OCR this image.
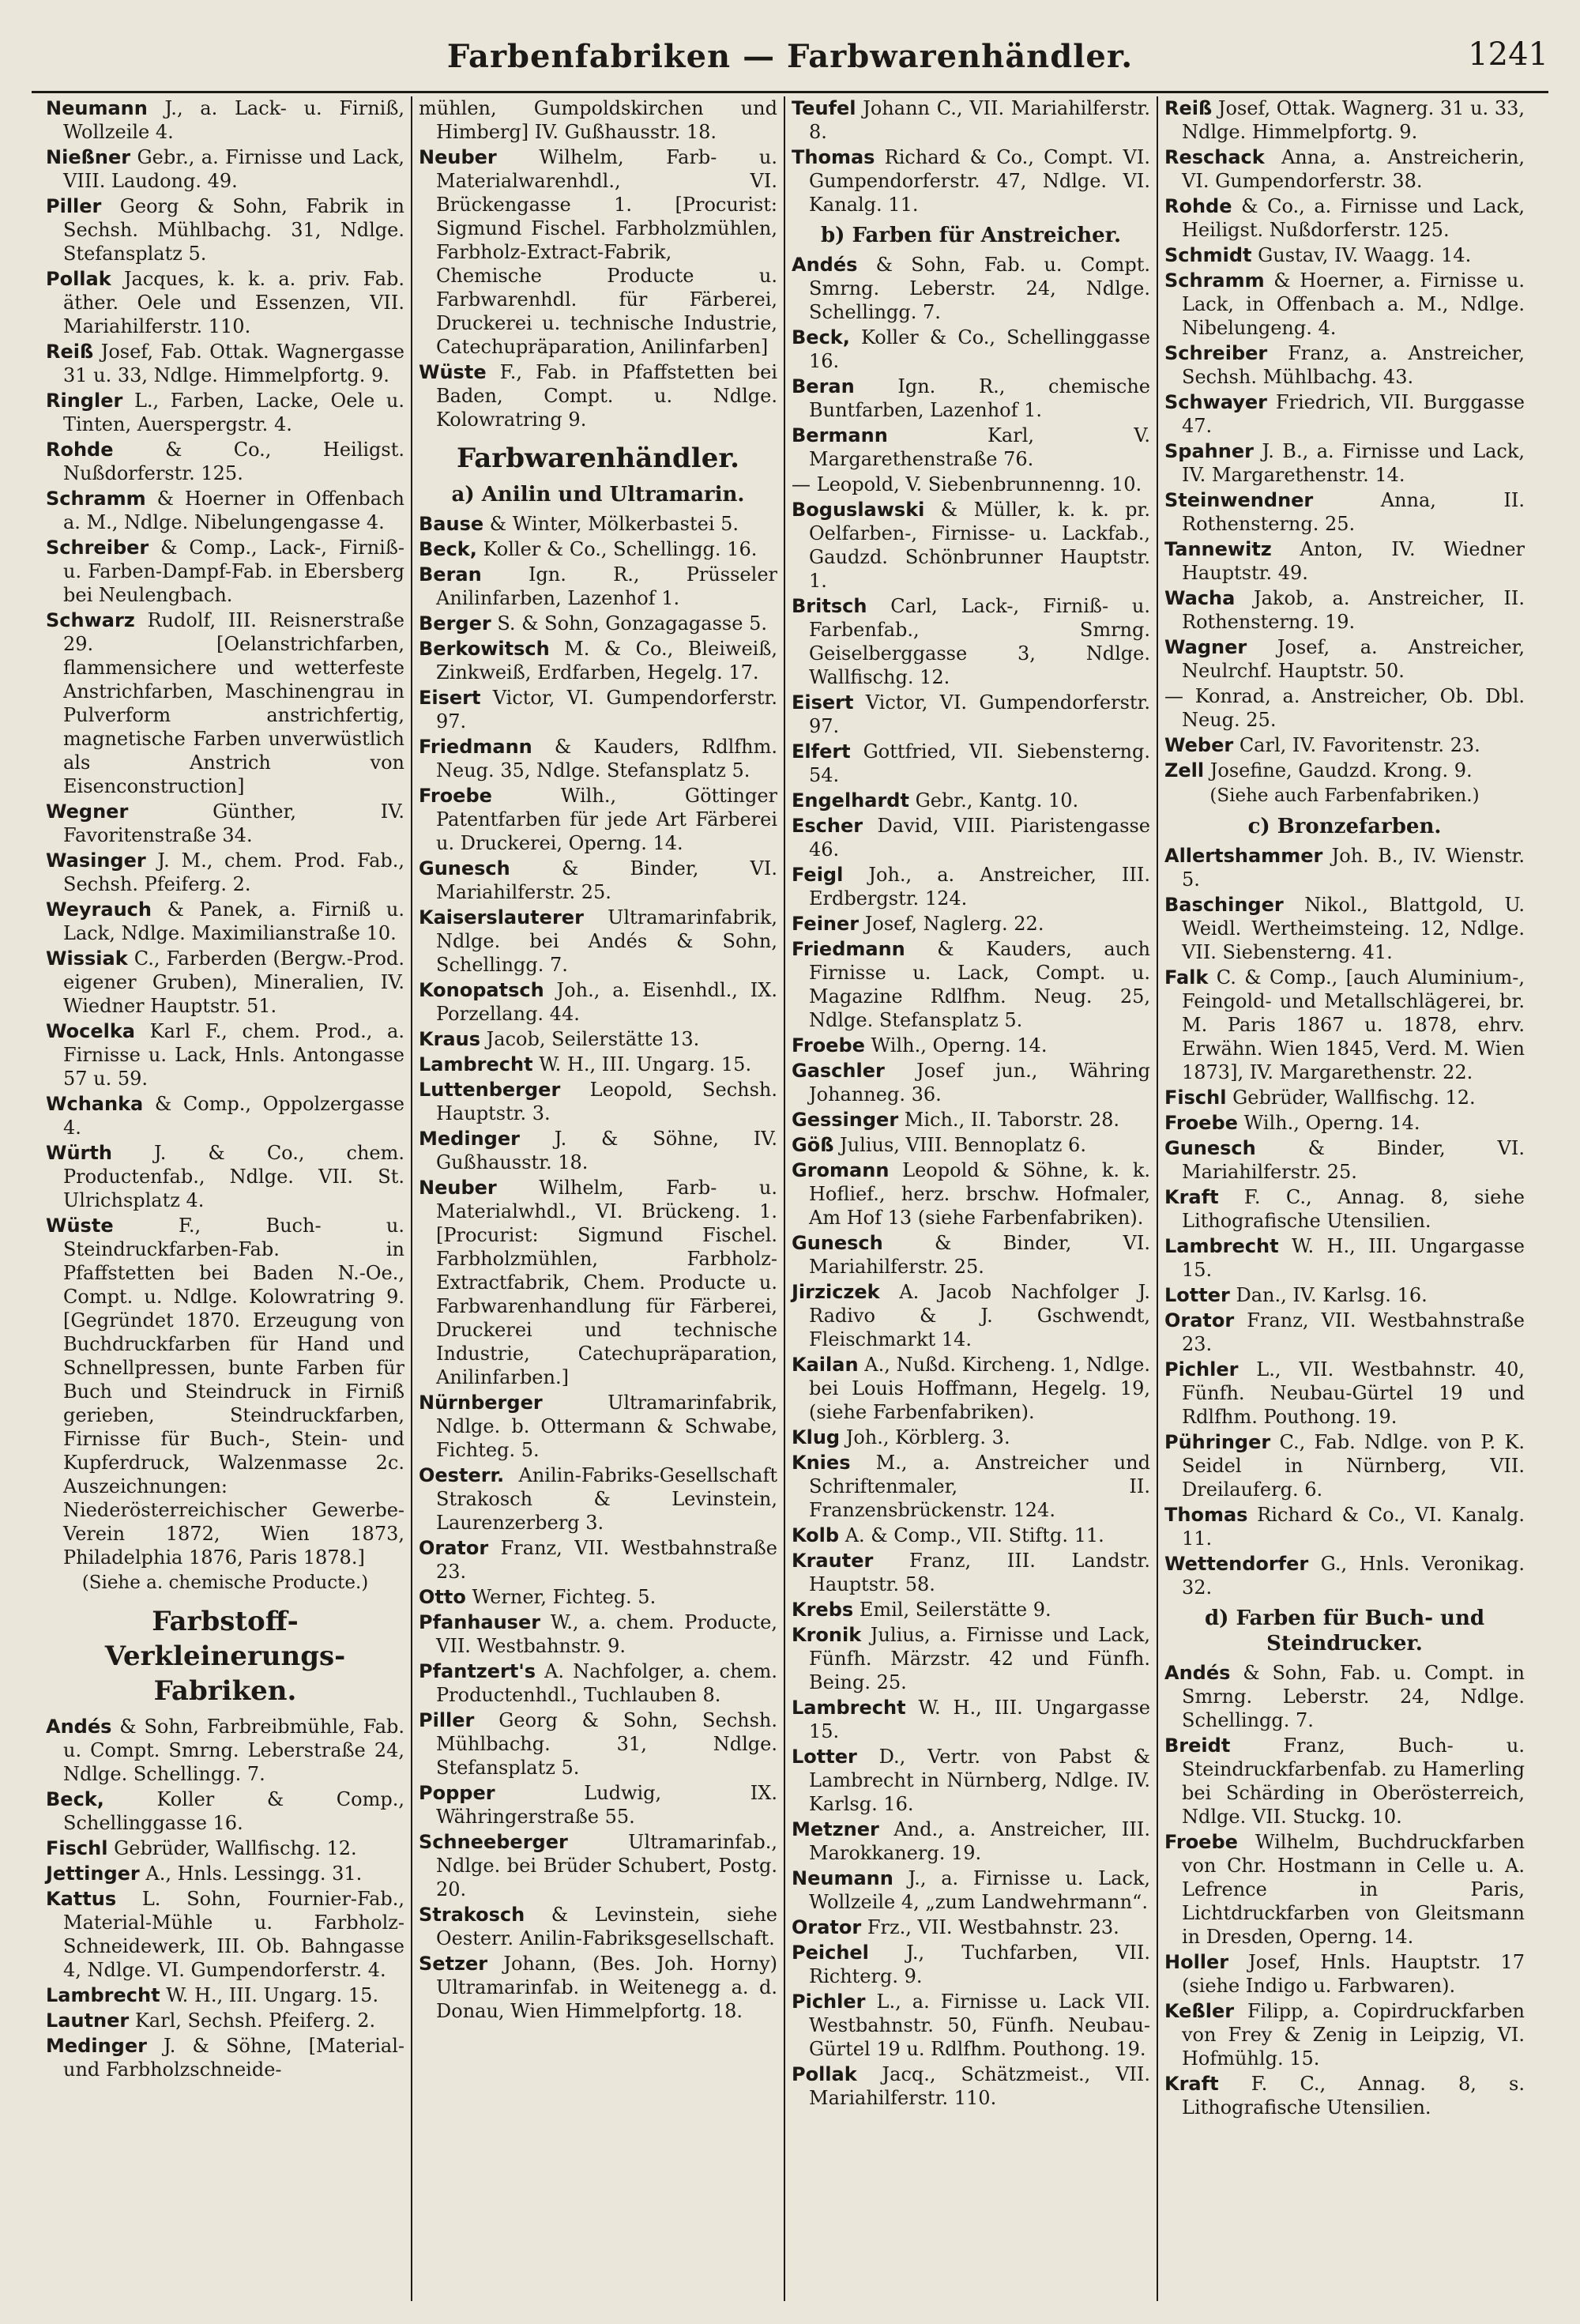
Farbenfabriken — Farbwarenhändler.	1241
Neumann J., a. Lack- u. Firniß, Wollzeile 4.
Nießner Gebr., a. Firnisse und Lack, VIII. Laudong. 49.
Piller Georg & Sohn, Fabrik in Sechsh. Mühlbachg. 31, Ndlge. Stefansplatz 5.
Pollak Jacques, k. k. a. priv. Fab. äther. Oele und Essenzen, VII. Mariahilferstr. 110.
Reiß Josef, Fab. Ottak. Wagnergasse 31 u. 33, Ndlge. Himmelpfortg. 9.
Ringler L., Farben, Lacke, Oele u. Tinten, Auerspergstr. 4.
Rohde & Co., Heiligst. Nußdorferstr. 125.
Schramm & Hoerner in Offenbach a. M., Ndlge. Nibelungengasse 4.
Schreiber & Comp., Lack-, Firniß- u. Farben-Dampf-Fab. in Ebersberg bei Neulengbach.
Schwarz Rudolf, III. Reisnerstraße 29. [Oelanstrichfarben, flammensichere und wetterfeste Anstrichfarben, Maschinengrau in Pulverform anstrichfertig, magnetische Farben unverwüstlich als Anstrich von Eisenconstruction]
Wegner Günther, IV. Favoritenstraße 34.
Wasinger J. M., chem. Prod. Fab., Sechsh. Pfeiferg. 2.
Weyrauch & Panek, a. Firniß u. Lack, Ndlge. Maximilianstraße 10.
Wissiak C., Farberden (Bergw.-Prod. eigener Gruben), Mineralien, IV. Wiedner Hauptstr. 51.
Wocelka Karl F., chem. Prod., a. Firnisse u. Lack, Hnls. Antongasse 57 u. 59.
Wchanka & Comp., Oppolzergasse 4.
Würth J. & Co., chem. Productenfab., Ndlge. VII. St. Ulrichsplatz 4.
Wüste F., Buch- u. Steindruckfarben-Fab. in Pfaffstetten bei Baden N.-Oe., Compt. u. Ndlge. Kolowratring 9. [Gegründet 1870. Erzeugung von Buchdruckfarben für Hand und Schnellpressen, bunte Farben für Buch und Steindruck in Firniß gerieben, Steindruckfarben, Firnisse für Buch-, Stein- und Kupferdruck, Walzenmasse 2c. Auszeichnungen: Niederösterreichischer Gewerbe-Verein 1872, Wien 1873, Philadelphia 1876, Paris 1878.]
(Siehe a. chemische Producte.)
Farbstoff-Verkleinerungs-Fabriken.
Andés & Sohn, Farbreibmühle, Fab. u. Compt. Smrng. Leberstraße 24, Ndlge. Schellingg. 7.
Beck, Koller & Comp., Schellinggasse 16.
Fischl Gebrüder, Wallfischg. 12.
Jettinger A., Hnls. Lessingg. 31.
Kattus L. Sohn, Fournier-Fab., Material-Mühle u. Farbholz-Schneidewerk, III. Ob. Bahngasse 4, Ndlge. VI. Gumpendorferstr. 4.
Lambrecht W. H., III. Ungarg. 15.
Lautner Karl, Sechsh. Pfeiferg. 2.
Medinger J. & Söhne, [Material- und Farbholzschneide-
mühlen, Gumpoldskirchen und Himberg] IV. Gußhausstr. 18.
Neuber Wilhelm, Farb- u. Materialwarenhdl., VI. Brückengasse 1. [Procurist: Sigmund Fischel. Farbholzmühlen, Farbholz-Extract-Fabrik, Chemische Producte u. Farbwarenhdl. für Färberei, Druckerei u. technische Industrie, Catechupräparation, Anilinfarben]
Wüste F., Fab. in Pfaffstetten bei Baden, Compt. u. Ndlge. Kolowratring 9.
Farbwarenhändler.
a) Anilin und Ultramarin.
Bause & Winter, Mölkerbastei 5.
Beck, Koller & Co., Schellingg. 16.
Beran Ign. R., Prüsseler Anilinfarben, Lazenhof 1.
Berger S. & Sohn, Gonzagagasse 5.
Berkowitsch M. & Co., Bleiweiß, Zinkweiß, Erdfarben, Hegelg. 17.
Eisert Victor, VI. Gumpendorferstr. 97.
Friedmann & Kauders, Rdlfhm. Neug. 35, Ndlge. Stefansplatz 5.
Froebe Wilh., Göttinger Patentfarben für jede Art Färberei u. Druckerei, Operng. 14.
Gunesch & Binder, VI. Mariahilferstr. 25.
Kaiserslauterer Ultramarinfabrik, Ndlge. bei Andés & Sohn, Schellingg. 7.
Konopatsch Joh., a. Eisenhdl., IX. Porzellang. 44.
Kraus Jacob, Seilerstätte 13.
Lambrecht W. H., III. Ungarg. 15.
Luttenberger Leopold, Sechsh. Hauptstr. 3.
Medinger J. & Söhne, IV. Gußhausstr. 18.
Neuber Wilhelm, Farb- u. Materialwhdl., VI. Brückeng. 1. [Procurist: Sigmund Fischel. Farbholzmühlen, Farbholz-Extractfabrik, Chem. Producte u. Farbwarenhandlung für Färberei, Druckerei und technische Industrie, Catechupräparation, Anilinfarben.]
Nürnberger Ultramarinfabrik, Ndlge. b. Ottermann & Schwabe, Fichteg. 5.
Oesterr. Anilin-Fabriks-Gesellschaft Strakosch & Levinstein, Laurenzerberg 3.
Orator Franz, VII. Westbahnstraße 23.
Otto Werner, Fichteg. 5.
Pfanhauser W., a. chem. Producte, VII. Westbahnstr. 9.
Pfantzert's A. Nachfolger, a. chem. Productenhdl., Tuchlauben 8.
Piller Georg & Sohn, Sechsh. Mühlbachg. 31, Ndlge. Stefansplatz 5.
Popper Ludwig, IX. Währingerstraße 55.
Schneeberger Ultramarinfab., Ndlge. bei Brüder Schubert, Postg. 20.
Strakosch & Levinstein, siehe Oesterr. Anilin-Fabriksgesellschaft.
Setzer Johann, (Bes. Joh. Horny) Ultramarinfab. in Weitenegg a. d. Donau, Wien Himmelpfortg. 18.
Teufel Johann C., VII. Mariahilferstr. 8.
Thomas Richard & Co., Compt. VI. Gumpendorferstr. 47, Ndlge. VI. Kanalg. 11.
b) Farben für Anstreicher.
Andés & Sohn, Fab. u. Compt. Smrng. Leberstr. 24, Ndlge. Schellingg. 7.
Beck, Koller & Co., Schellinggasse 16.
Beran Ign. R., chemische Buntfarben, Lazenhof 1.
Bermann Karl, V. Margarethenstraße 76.
— Leopold, V. Siebenbrunnenng. 10.
Boguslawski & Müller, k. k. pr. Oelfarben-, Firnisse- u. Lackfab., Gaudzd. Schönbrunner Hauptstr. 1.
Britsch Carl, Lack-, Firniß- u. Farbenfab., Smrng. Geiselberggasse 3, Ndlge. Wallfischg. 12.
Eisert Victor, VI. Gumpendorferstr. 97.
Elfert Gottfried, VII. Siebensterng. 54.
Engelhardt Gebr., Kantg. 10.
Escher David, VIII. Piaristengasse 46.
Feigl Joh., a. Anstreicher, III. Erdbergstr. 124.
Feiner Josef, Naglerg. 22.
Friedmann & Kauders, auch Firnisse u. Lack, Compt. u. Magazine Rdlfhm. Neug. 25, Ndlge. Stefansplatz 5.
Froebe Wilh., Operng. 14.
Gaschler Josef jun., Währing Johanneg. 36.
Gessinger Mich., II. Taborstr. 28.
Göß Julius, VIII. Bennoplatz 6.
Gromann Leopold & Söhne, k. k. Hoflief., herz. brschw. Hofmaler, Am Hof 13 (siehe Farbenfabriken).
Gunesch & Binder, VI. Mariahilferstr. 25.
Jirziczek A. Jacob Nachfolger J. Radivo & J. Gschwendt, Fleischmarkt 14.
Kailan A., Nußd. Kircheng. 1, Ndlge. bei Louis Hoffmann, Hegelg. 19, (siehe Farbenfabriken).
Klug Joh., Körblerg. 3.
Knies M., a. Anstreicher und Schriftenmaler, II. Franzensbrückenstr. 124.
Kolb A. & Comp., VII. Stiftg. 11.
Krauter Franz, III. Landstr. Hauptstr. 58.
Krebs Emil, Seilerstätte 9.
Kronik Julius, a. Firnisse und Lack, Fünfh. Märzstr. 42 und Fünfh. Being. 25.
Lambrecht W. H., III. Ungargasse 15.
Lotter D., Vertr. von Pabst & Lambrecht in Nürnberg, Ndlge. IV. Karlsg. 16.
Metzner And., a. Anstreicher, III. Marokkanerg. 19.
Neumann J., a. Firnisse u. Lack, Wollzeile 4, „zum Landwehrmann“.
Orator Frz., VII. Westbahnstr. 23.
Peichel J., Tuchfarben, VII. Richterg. 9.
Pichler L., a. Firnisse u. Lack VII. Westbahnstr. 50, Fünfh. Neubau-Gürtel 19 u. Rdlfhm. Pouthong. 19.
Pollak Jacq., Schätzmeist., VII. Mariahilferstr. 110.
Reiß Josef, Ottak. Wagnerg. 31 u. 33, Ndlge. Himmelpfortg. 9.
Reschack Anna, a. Anstreicherin, VI. Gumpendorferstr. 38.
Rohde & Co., a. Firnisse und Lack, Heiligst. Nußdorferstr. 125.
Schmidt Gustav, IV. Waagg. 14.
Schramm & Hoerner, a. Firnisse u. Lack, in Offenbach a. M., Ndlge. Nibelungeng. 4.
Schreiber Franz, a. Anstreicher, Sechsh. Mühlbachg. 43.
Schwayer Friedrich, VII. Burggasse 47.
Spahner J. B., a. Firnisse und Lack, IV. Margarethenstr. 14.
Steinwendner Anna, II. Rothensterng. 25.
Tannewitz Anton, IV. Wiedner Hauptstr. 49.
Wacha Jakob, a. Anstreicher, II. Rothensterng. 19.
Wagner Josef, a. Anstreicher, Neulrchf. Hauptstr. 50.
— Konrad, a. Anstreicher, Ob. Dbl. Neug. 25.
Weber Carl, IV. Favoritenstr. 23.
Zell Josefine, Gaudzd. Krong. 9.
(Siehe auch Farbenfabriken.)
c) Bronzefarben.
Allertshammer Joh. B., IV. Wienstr. 5.
Baschinger Nikol., Blattgold, U. Weidl. Wertheimsteing. 12, Ndlge. VII. Siebensterng. 41.
Falk C. & Comp., [auch Aluminium-, Feingold- und Metallschlägerei, br. M. Paris 1867 u. 1878, ehrv. Erwähn. Wien 1845, Verd. M. Wien 1873], IV. Margarethenstr. 22.
Fischl Gebrüder, Wallfischg. 12.
Froebe Wilh., Operng. 14.
Gunesch & Binder, VI. Mariahilferstr. 25.
Kraft F. C., Annag. 8, siehe Lithografische Utensilien.
Lambrecht W. H., III. Ungargasse 15.
Lotter Dan., IV. Karlsg. 16.
Orator Franz, VII. Westbahnstraße 23.
Pichler L., VII. Westbahnstr. 40, Fünfh. Neubau-Gürtel 19 und Rdlfhm. Pouthong. 19.
Pühringer C., Fab. Ndlge. von P. K. Seidel in Nürnberg, VII. Dreilauferg. 6.
Thomas Richard & Co., VI. Kanalg. 11.
Wettendorfer G., Hnls. Veronikag. 32.
d) Farben für Buch- und Steindrucker.
Andés & Sohn, Fab. u. Compt. in Smrng. Leberstr. 24, Ndlge. Schellingg. 7.
Breidt Franz, Buch- u. Steindruckfarbenfab. zu Hamerling bei Schärding in Oberösterreich, Ndlge. VII. Stuckg. 10.
Froebe Wilhelm, Buchdruckfarben von Chr. Hostmann in Celle u. A. Lefrence in Paris, Lichtdruckfarben von Gleitsmann in Dresden, Operng. 14.
Holler Josef, Hnls. Hauptstr. 17 (siehe Indigo u. Farbwaren).
Keßler Filipp, a. Copirdruckfarben von Frey & Zenig in Leipzig, VI. Hofmühlg. 15.
Kraft F. C., Annag. 8, s. Lithografische Utensilien.
